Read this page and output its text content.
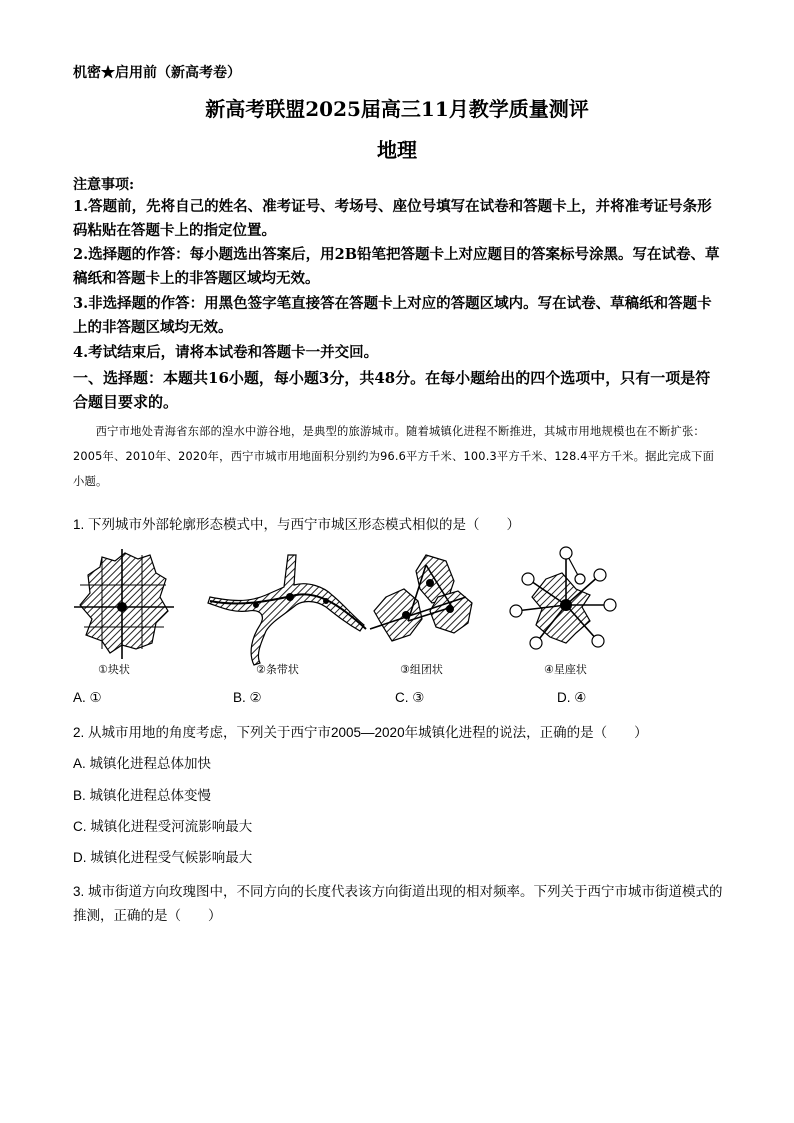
机密★启用前（新高考卷）
新高考联盟2025届高三11月教学质量测评
地理
注意事项:
1.答题前，先将自己的姓名、准考证号、考场号、座位号填写在试卷和答题卡上，并将准考证号条形码粘贴在答题卡上的指定位置。
2.选择题的作答：每小题选出答案后，用2B铅笔把答题卡上对应题目的答案标号涂黑。写在试卷、草稿纸和答题卡上的非答题区域均无效。
3.非选择题的作答：用黑色签字笔直接答在答题卡上对应的答题区域内。写在试卷、草稿纸和答题卡上的非答题区域均无效。
4.考试结束后，请将本试卷和答题卡一并交回。
一、选择题：本题共16小题，每小题3分，共48分。在每小题给出的四个选项中，只有一项是符合题目要求的。
西宁市地处青海省东部的湟水中游谷地，是典型的旅游城市。随着城镇化进程不断推进，其城市用地规模也在不断扩张：2005年、2010年、2020年，西宁市城市用地面积分别约为96.6平方千米、100.3平方千米、128.4平方千米。据此完成下面小题。
1. 下列城市外部轮廓形态模式中，与西宁市城区形态模式相似的是（　　）
①块状	②条带状	③组团状	④星座状
A. ①	B. ②	C. ③	D. ④
2. 从城市用地的角度考虑，下列关于西宁市2005—2020年城镇化进程的说法，正确的是（　　）
A. 城镇化进程总体加快
B. 城镇化进程总体变慢
C. 城镇化进程受河流影响最大
D. 城镇化进程受气候影响最大
3. 城市街道方向玫瑰图中，不同方向的长度代表该方向街道出现的相对频率。下列关于西宁市城市街道模式的推测，正确的是（　　）
